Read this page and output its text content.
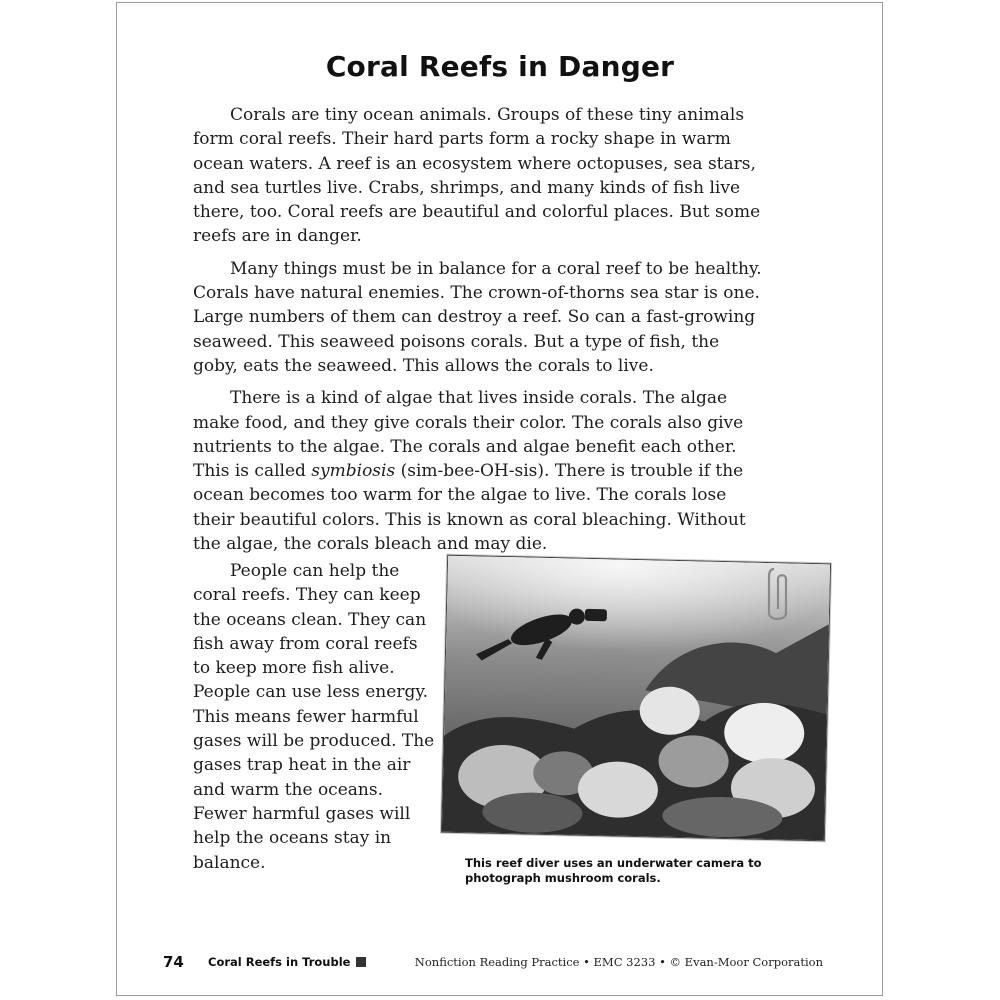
Coral Reefs in Danger

Corals are tiny ocean animals. Groups of these tiny animals form coral reefs. Their hard parts form a rocky shape in warm ocean waters. A reef is an ecosystem where octopuses, sea stars, and sea turtles live. Crabs, shrimps, and many kinds of fish live there, too. Coral reefs are beautiful and colorful places. But some reefs are in danger.

Many things must be in balance for a coral reef to be healthy. Corals have natural enemies. The crown-of-thorns sea star is one. Large numbers of them can destroy a reef. So can a fast-growing seaweed. This seaweed poisons corals. But a type of fish, the goby, eats the seaweed. This allows the corals to live.

There is a kind of algae that lives inside corals. The algae make food, and they give corals their color. The corals also give nutrients to the algae. The corals and algae benefit each other. This is called symbiosis (sim-bee-OH-sis). There is trouble if the ocean becomes too warm for the algae to live. The corals lose their beautiful colors. This is known as coral bleaching. Without the algae, the corals bleach and may die.

People can help the coral reefs. They can keep the oceans clean. They can fish away from coral reefs to keep more fish alive. People can use less energy. This means fewer harmful gases will be produced. The gases trap heat in the air and warm the oceans. Fewer harmful gases will help the oceans stay in balance.	This reef diver uses an underwater camera to photograph mushroom corals.
74	Coral Reefs in Trouble	Nonfiction Reading Practice • EMC 3233 • © Evan-Moor Corporation
